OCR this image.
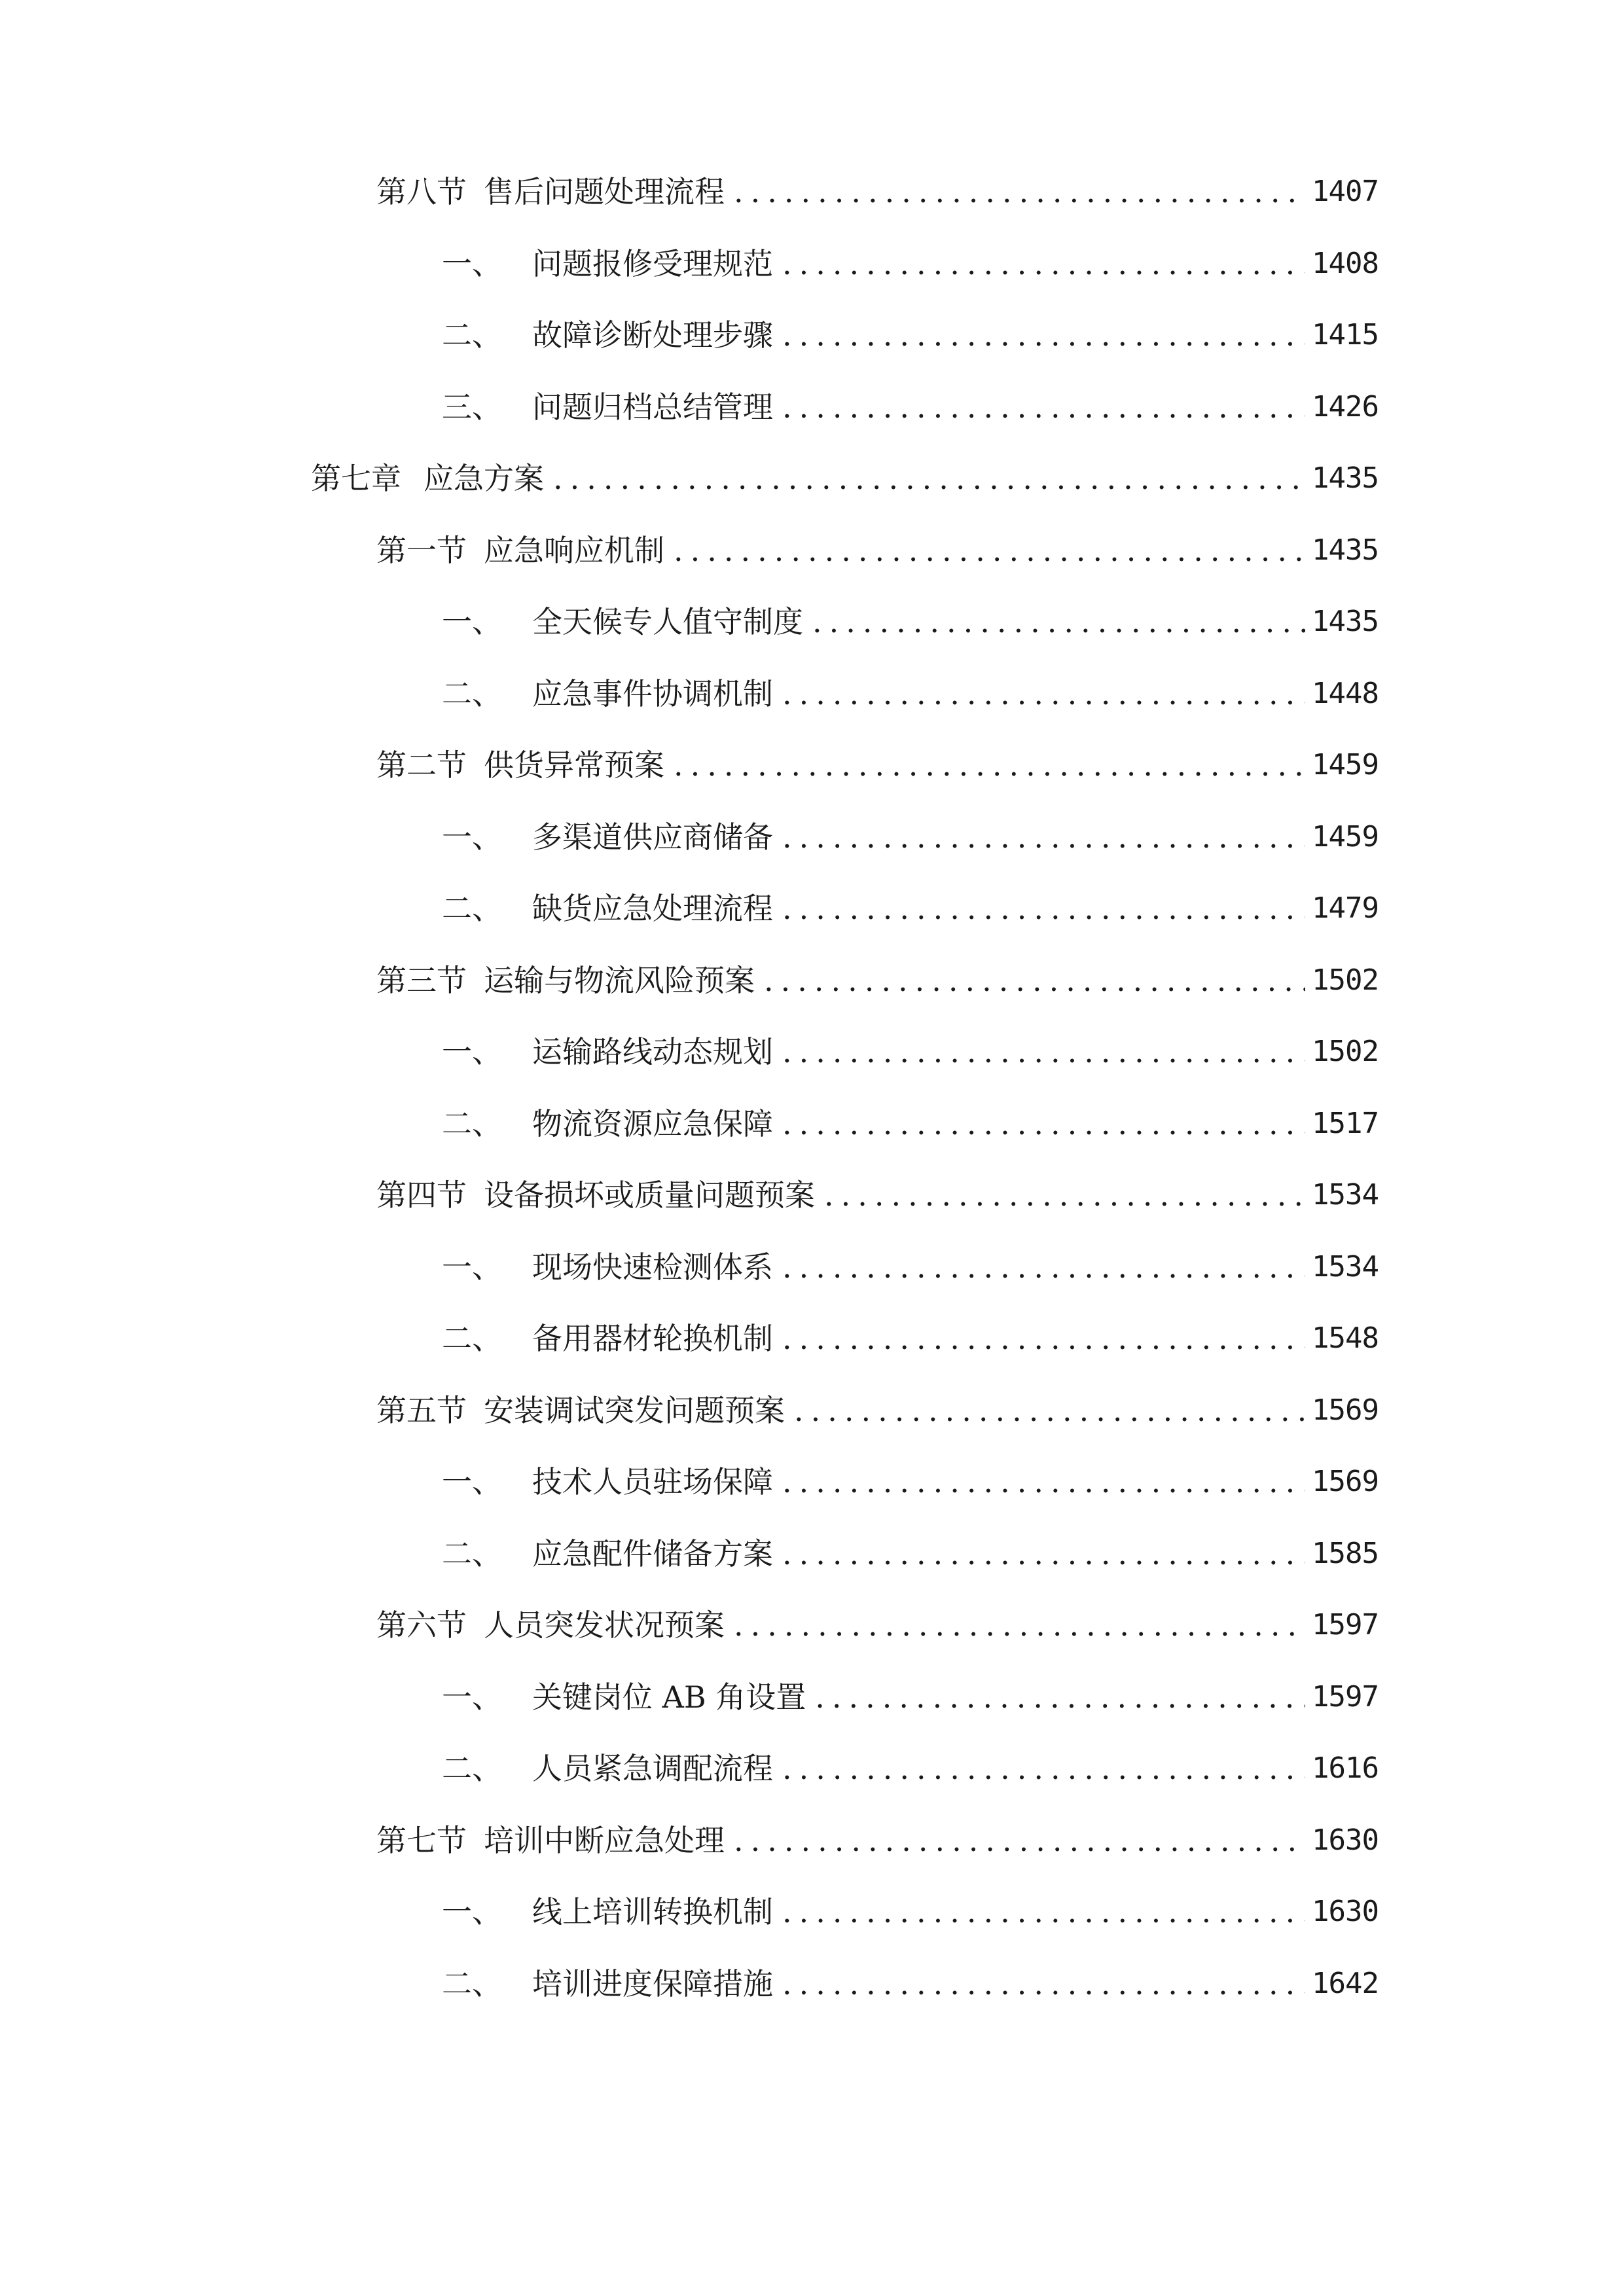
第八节 售后问题处理流程 .....	1407
一、 问题报修受理规范 .....	1408
二、 故障诊断处理步骤 .....	1415
三、 问题归档总结管理 .....	1426
第七章 应急方案 .....	1435
第一节 应急响应机制 .....	1435
一、 全天候专人值守制度 .....	1435
二、 应急事件协调机制 .....	1448
第二节 供货异常预案 .....	1459
一、 多渠道供应商储备 .....	1459
二、 缺货应急处理流程 .....	1479
第三节 运输与物流风险预案 .....	1502
一、 运输路线动态规划 .....	1502
二、 物流资源应急保障 .....	1517
第四节 设备损坏或质量问题预案 .....	1534
一、 现场快速检测体系 .....	1534
二、 备用器材轮换机制 .....	1548
第五节 安装调试突发问题预案 .....	1569
一、 技术人员驻场保障 .....	1569
二、 应急配件储备方案 .....	1585
第六节 人员突发状况预案 .....	1597
一、 关键岗位 AB 角设置 .....	1597
二、 人员紧急调配流程 .....	1616
第七节 培训中断应急处理 .....	1630
一、 线上培训转换机制 .....	1630
二、 培训进度保障措施 .....	1642
